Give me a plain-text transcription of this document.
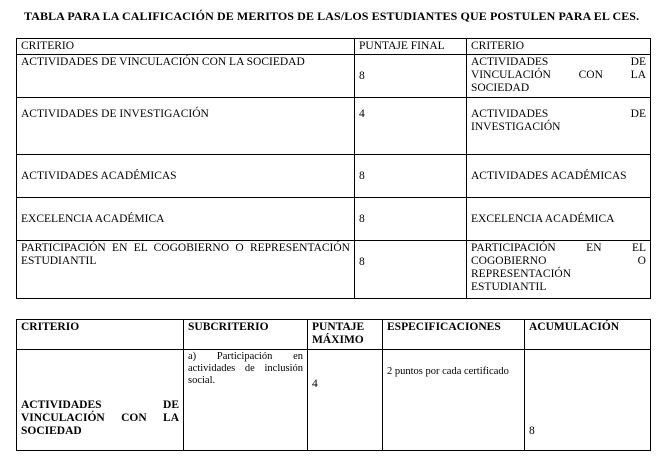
TABLA PARA LA CALIFICACIÓN DE MERITOS DE LAS/LOS ESTUDIANTES QUE POSTULEN PARA EL CES.
CRITERIO	PUNTAJE FINAL	CRITERIO
ACTIVIDADES DE VINCULACIÓN CON LA SOCIEDAD	8	ACTIVIDADES DE VINCULACIÓN CON LA SOCIEDAD
ACTIVIDADES DE INVESTIGACIÓN	4	ACTIVIDADES DE INVESTIGACIÓN
ACTIVIDADES ACADÉMICAS	8	ACTIVIDADES ACADÉMICAS
EXCELENCIA ACADÉMICA	8	EXCELENCIA ACADÉMICA
PARTICIPACIÓN EN EL COGOBIERNO O REPRESENTACIÓN ESTUDIANTIL	8	PARTICIPACIÓN EN EL COGOBIERNO O REPRESENTACIÓN ESTUDIANTIL
CRITERIO	SUBCRITERIO	PUNTAJE MÁXIMO	ESPECIFICACIONES	ACUMULACIÓN
ACTIVIDADES DE VINCULACIÓN CON LA SOCIEDAD	a) Participación en actividades de inclusión social.	4	2 puntos por cada certificado	8
